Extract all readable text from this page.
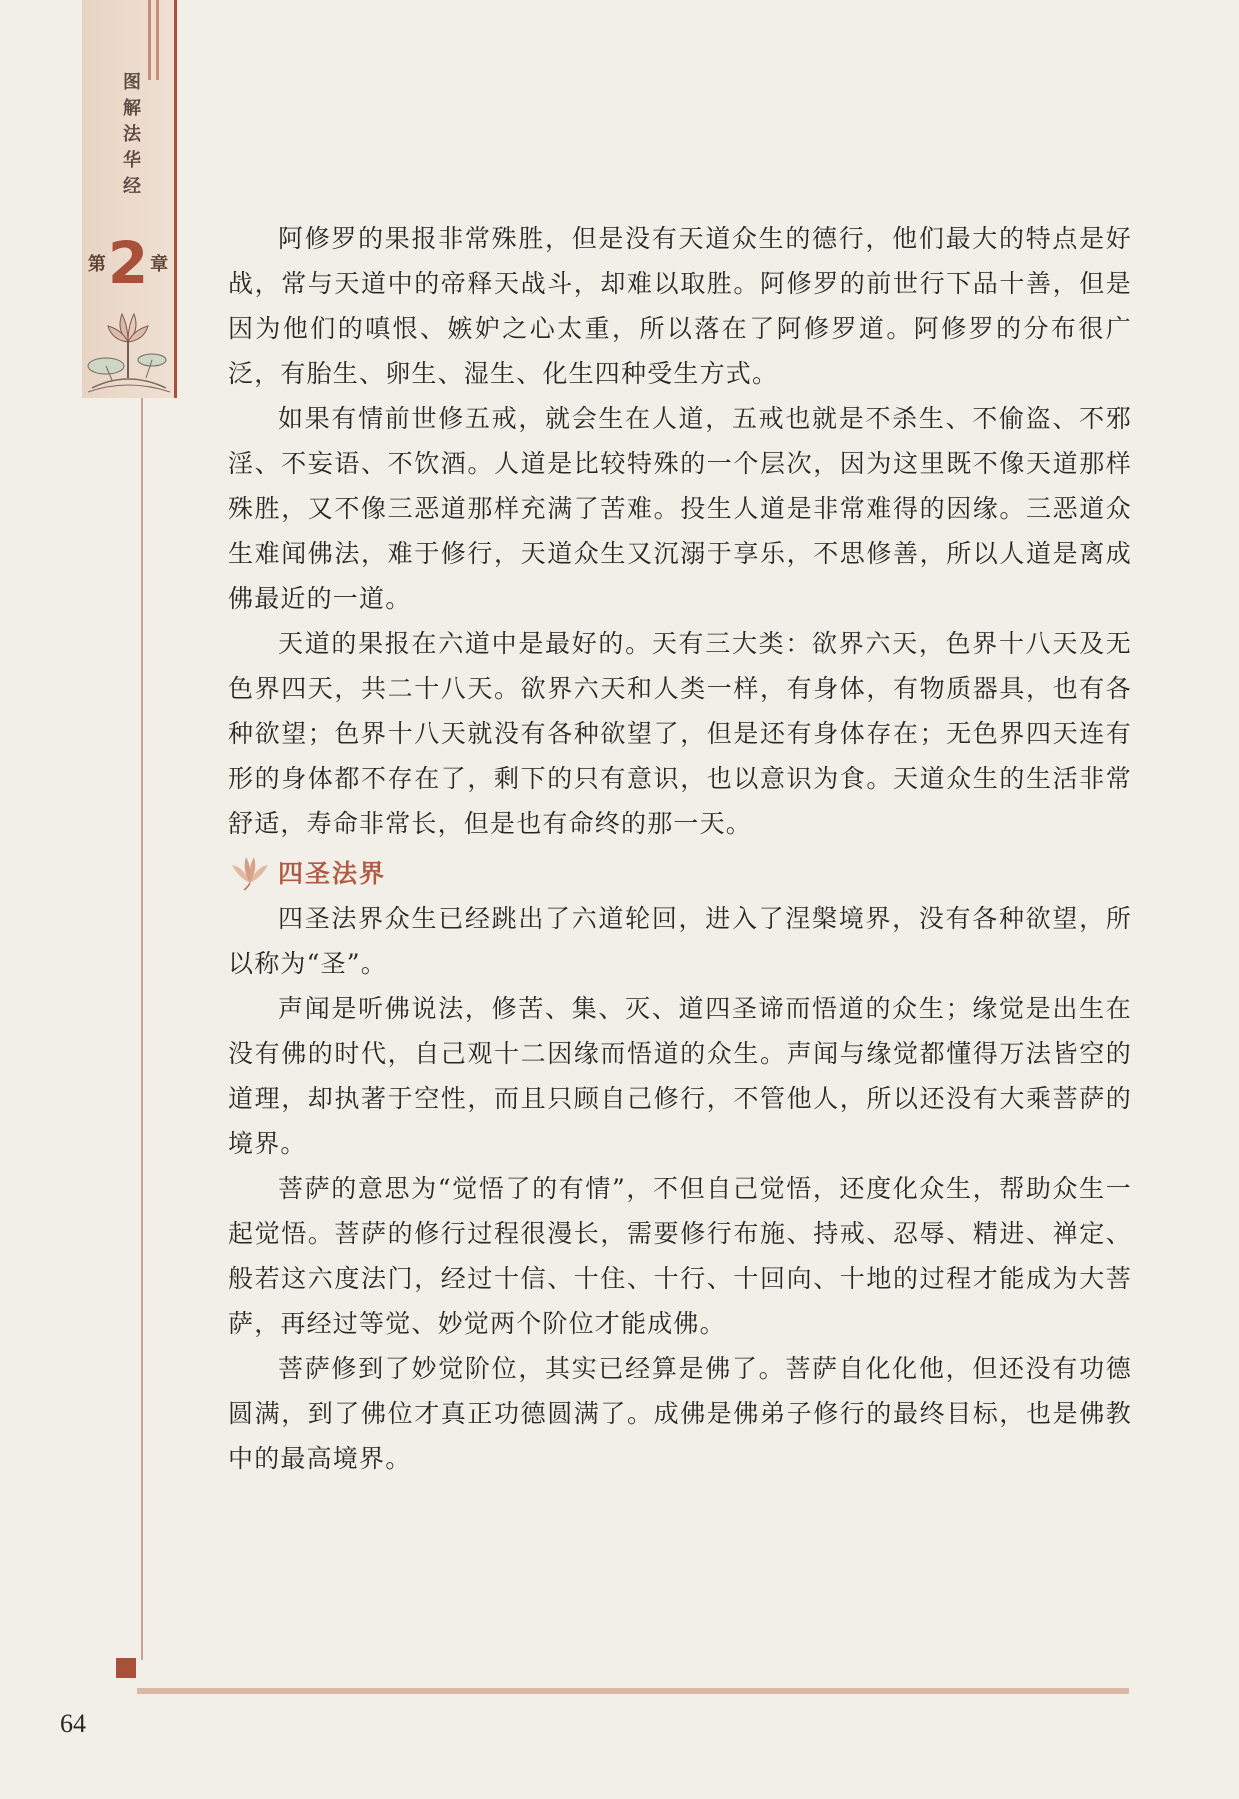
图解法华经
第 2 章
64

阿修罗的果报非常殊胜，但是没有天道众生的德行，他们最大的特点是好战，常与天道中的帝释天战斗，却难以取胜。阿修罗的前世行下品十善，但是因为他们的嗔恨、嫉妒之心太重，所以落在了阿修罗道。阿修罗的分布很广泛，有胎生、卵生、湿生、化生四种受生方式。

如果有情前世修五戒，就会生在人道，五戒也就是不杀生、不偷盗、不邪淫、不妄语、不饮酒。人道是比较特殊的一个层次，因为这里既不像天道那样殊胜，又不像三恶道那样充满了苦难。投生人道是非常难得的因缘。三恶道众生难闻佛法，难于修行，天道众生又沉溺于享乐，不思修善，所以人道是离成佛最近的一道。

天道的果报在六道中是最好的。天有三大类：欲界六天，色界十八天及无色界四天，共二十八天。欲界六天和人类一样，有身体，有物质器具，也有各种欲望；色界十八天就没有各种欲望了，但是还有身体存在；无色界四天连有形的身体都不存在了，剩下的只有意识，也以意识为食。天道众生的生活非常舒适，寿命非常长，但是也有命终的那一天。

四圣法界

四圣法界众生已经跳出了六道轮回，进入了涅槃境界，没有各种欲望，所以称为“圣”。

声闻是听佛说法，修苦、集、灭、道四圣谛而悟道的众生；缘觉是出生在没有佛的时代，自己观十二因缘而悟道的众生。声闻与缘觉都懂得万法皆空的道理，却执著于空性，而且只顾自己修行，不管他人，所以还没有大乘菩萨的境界。

菩萨的意思为“觉悟了的有情”，不但自己觉悟，还度化众生，帮助众生一起觉悟。菩萨的修行过程很漫长，需要修行布施、持戒、忍辱、精进、禅定、般若这六度法门，经过十信、十住、十行、十回向、十地的过程才能成为大菩萨，再经过等觉、妙觉两个阶位才能成佛。

菩萨修到了妙觉阶位，其实已经算是佛了。菩萨自化化他，但还没有功德圆满，到了佛位才真正功德圆满了。成佛是佛弟子修行的最终目标，也是佛教中的最高境界。
